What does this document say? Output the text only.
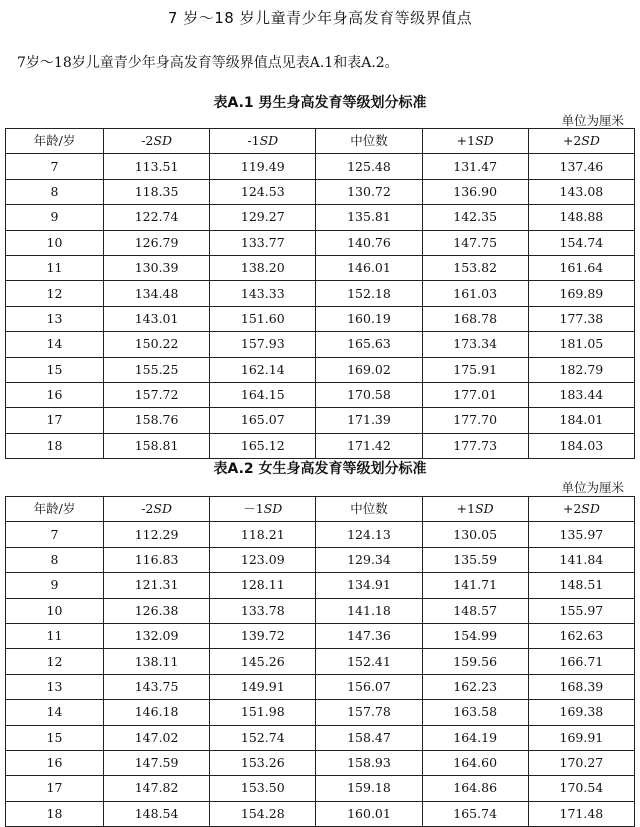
7 岁～18 岁儿童青少年身高发育等级界值点
7岁～18岁儿童青少年身高发育等级界值点见表A.1和表A.2。
表A.1 男生身高发育等级划分标准
单位为厘米
年龄/岁	-2SD	-1SD	中位数	+1SD	+2SD
7	113.51	119.49	125.48	131.47	137.46
8	118.35	124.53	130.72	136.90	143.08
9	122.74	129.27	135.81	142.35	148.88
10	126.79	133.77	140.76	147.75	154.74
11	130.39	138.20	146.01	153.82	161.64
12	134.48	143.33	152.18	161.03	169.89
13	143.01	151.60	160.19	168.78	177.38
14	150.22	157.93	165.63	173.34	181.05
15	155.25	162.14	169.02	175.91	182.79
16	157.72	164.15	170.58	177.01	183.44
17	158.76	165.07	171.39	177.70	184.01
18	158.81	165.12	171.42	177.73	184.03
表A.2 女生身高发育等级划分标准
单位为厘米
年龄/岁	-2SD	－1SD	中位数	+1SD	+2SD
7	112.29	118.21	124.13	130.05	135.97
8	116.83	123.09	129.34	135.59	141.84
9	121.31	128.11	134.91	141.71	148.51
10	126.38	133.78	141.18	148.57	155.97
11	132.09	139.72	147.36	154.99	162.63
12	138.11	145.26	152.41	159.56	166.71
13	143.75	149.91	156.07	162.23	168.39
14	146.18	151.98	157.78	163.58	169.38
15	147.02	152.74	158.47	164.19	169.91
16	147.59	153.26	158.93	164.60	170.27
17	147.82	153.50	159.18	164.86	170.54
18	148.54	154.28	160.01	165.74	171.48
